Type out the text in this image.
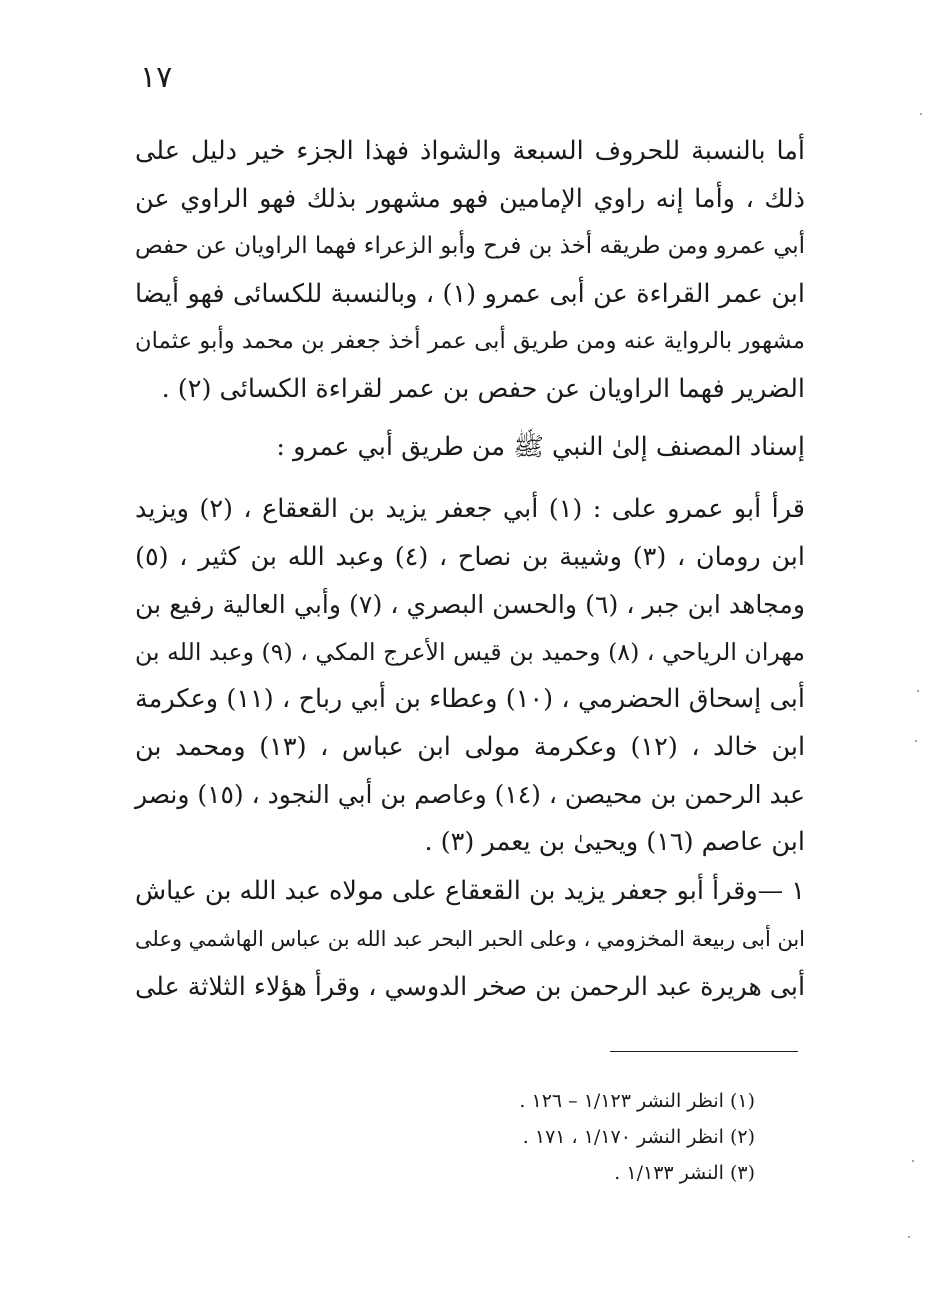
١٧
أما بالنسبة للحروف السبعة والشواذ فهذا الجزء خير دليل على
ذلك ، وأما إنه راوي الإمامين فهو مشهور بذلك فهو الراوي عن
أبي عمرو ومن طريقه أخذ بن فرح وأبو الزعراء فهما الراويان عن حفص
ابن عمر القراءة عن أبى عمرو (١) ، وبالنسبة للكسائى فهو أيضا
مشهور بالرواية عنه ومن طريق أبى عمر أخذ جعفر بن محمد وأبو عثمان
الضرير فهما الراويان عن حفص بن عمر لقراءة الكسائى (٢) .
إسناد المصنف إلىٰ النبي ﷺ من طريق أبي عمرو :
قرأ أبو عمرو على : (١) أبي جعفر يزيد بن القعقاع ، (٢) ويزيد
ابن رومان ، (٣) وشيبة بن نصاح ، (٤) وعبد الله بن كثير ، (٥)
ومجاهد ابن جبر ، (٦) والحسن البصري ، (٧) وأبي العالية رفيع بن
مهران الرياحي ، (٨) وحميد بن قيس الأعرج المكي ، (٩) وعبد الله بن
أبى إسحاق الحضرمي ، (١٠) وعطاء بن أبي رباح ، (١١) وعكرمة
ابن خالد ، (١٢) وعكرمة مولى ابن عباس ، (١٣) ومحمد بن
عبد الرحمن بن محيصن ، (١٤) وعاصم بن أبي النجود ، (١٥) ونصر
ابن عاصم (١٦) ويحيىٰ بن يعمر (٣) .
١ —وقرأ أبو جعفر يزيد بن القعقاع على مولاه عبد الله بن عياش
ابن أبى ربيعة المخزومي ، وعلى الحبر البحر عبد الله بن عباس الهاشمي وعلى
أبى هريرة عبد الرحمن بن صخر الدوسي ، وقرأ هؤلاء الثلاثة على
(١) انظر النشر ١/١٢٣ – ١٢٦ .
(٢) انظر النشر ١/١٧٠ ، ١٧١ .
(٣) النشر ١/١٣٣ .
